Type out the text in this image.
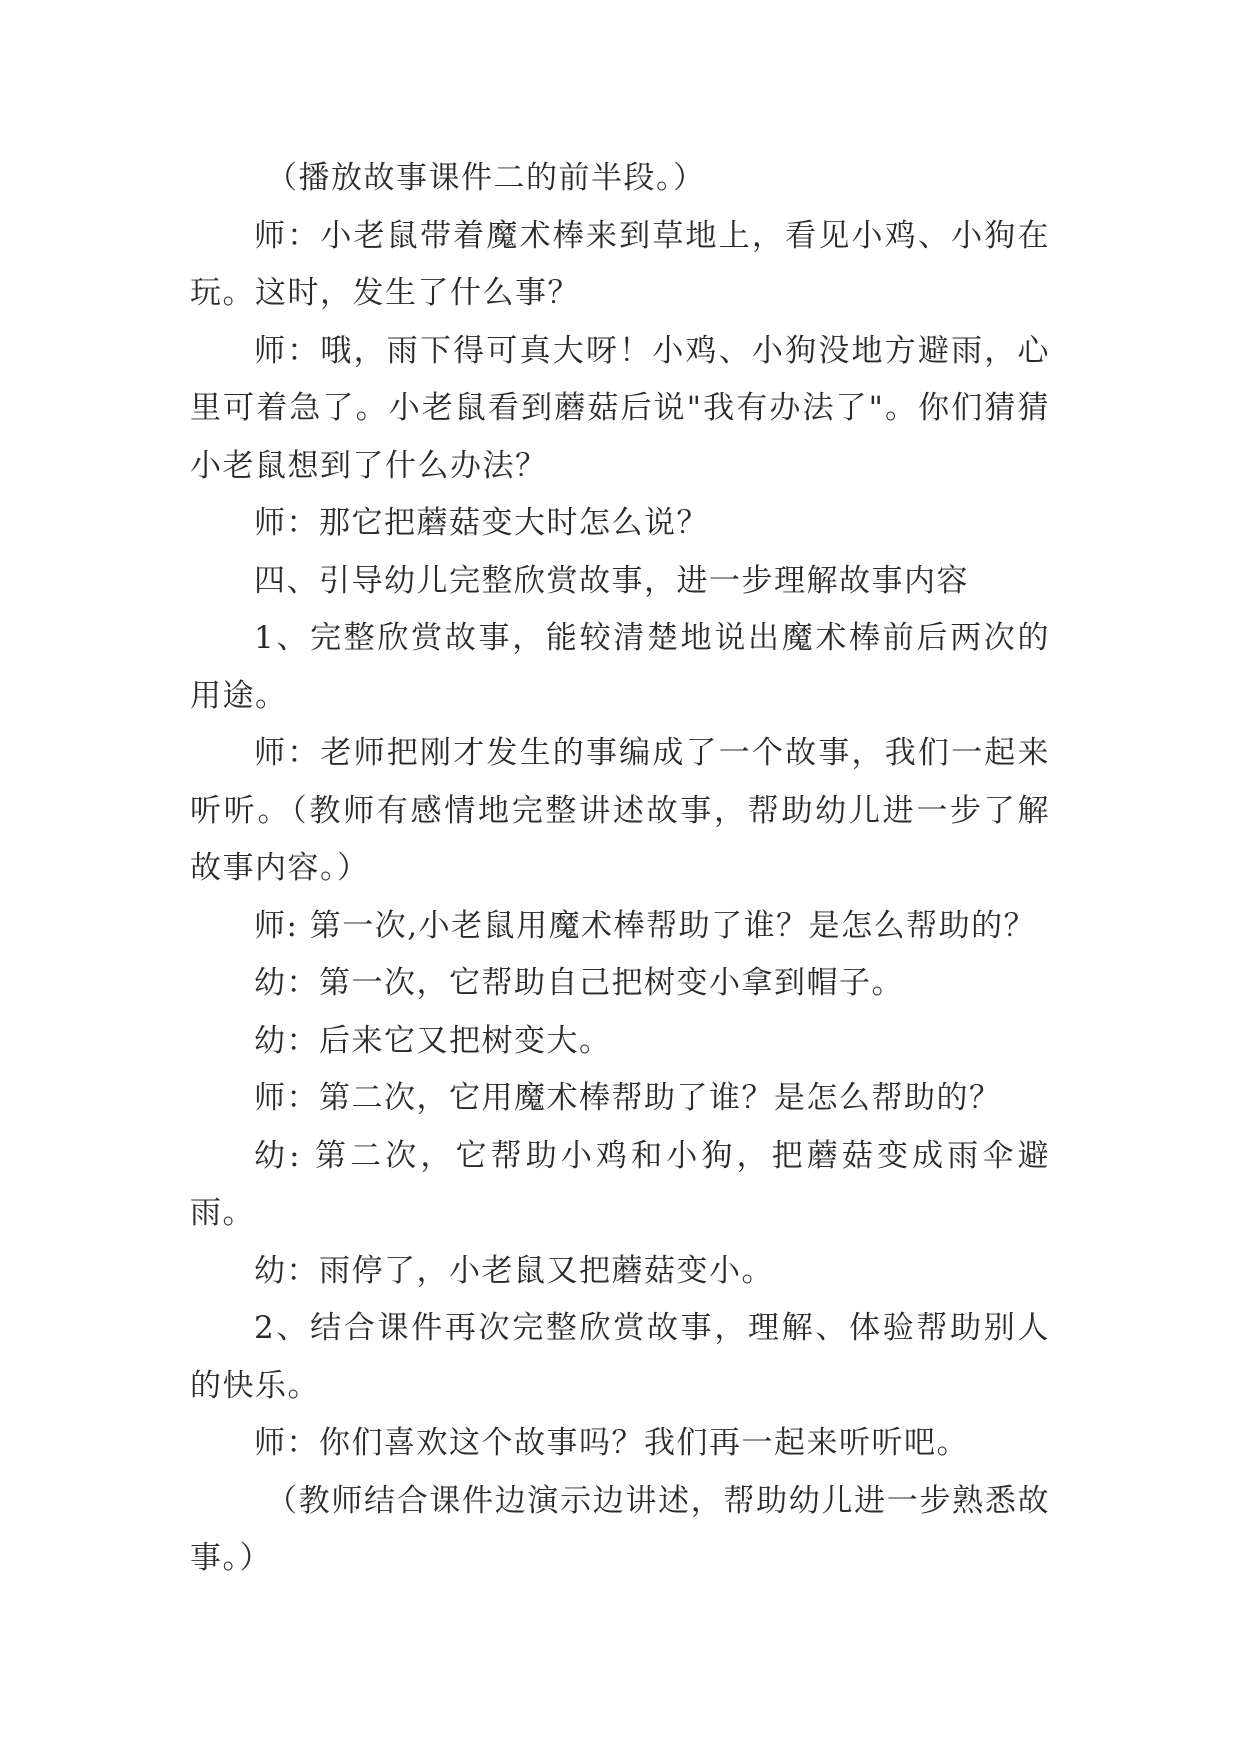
（播放故事课件二的前半段。）

师：小老鼠带着魔术棒来到草地上，看见小鸡、小狗在玩。这时，发生了什么事？

师：哦，雨下得可真大呀！小鸡、小狗没地方避雨，心里可着急了。小老鼠看到蘑菇后说"我有办法了"。你们猜猜小老鼠想到了什么办法？

师：那它把蘑菇变大时怎么说？

四、引导幼儿完整欣赏故事，进一步理解故事内容

1、完整欣赏故事，能较清楚地说出魔术棒前后两次的用途。

师：老师把刚才发生的事编成了一个故事，我们一起来听听。（教师有感情地完整讲述故事，帮助幼儿进一步了解故事内容。）

师: 第一次,小老鼠用魔术棒帮助了谁？是怎么帮助的？

幼：第一次，它帮助自己把树变小拿到帽子。

幼：后来它又把树变大。

师：第二次，它用魔术棒帮助了谁？是怎么帮助的？

幼: 第二次，它帮助小鸡和小狗，把蘑菇变成雨伞避雨。

幼：雨停了，小老鼠又把蘑菇变小。

2、结合课件再次完整欣赏故事，理解、体验帮助别人的快乐。

师：你们喜欢这个故事吗？我们再一起来听听吧。

（教师结合课件边演示边讲述，帮助幼儿进一步熟悉故事。）
